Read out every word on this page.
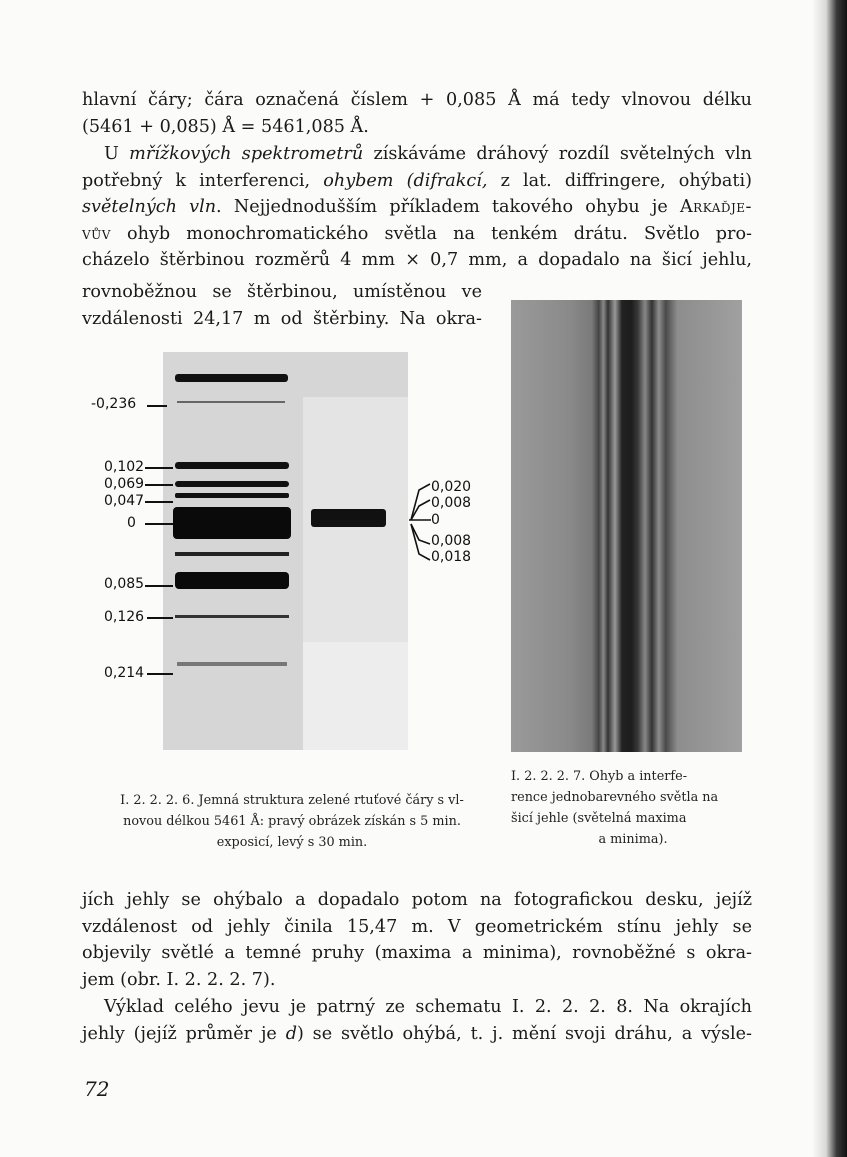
hlavní čáry; čára označená číslem + 0,085 Å má tedy vlnovou délku
(5461 + 0,085) Å = 5461,085 Å.

U mřížkových spektrometrů získáváme dráhový rozdíl světelných vln
potřebný k interferenci, ohybem (difrakcí, z lat. diffringere, ohýbati)
světelných vln. Nejjednodušším příkladem takového ohybu je Arkaďje-
vův ohyb monochromatického světla na tenkém drátu. Světlo pro-
cházelo štěrbinou rozměrů 4 mm × 0,7 mm, a dopadalo na šicí jehlu,

rovnoběžnou se štěrbinou, umístěnou ve
vzdálenosti 24,17 m od štěrbiny. Na okra-

-0,236
0,102
0,069
0,047
0
0,085
0,126
0,214
0,020
0,008
0
0,008
0,018
I. 2. 2. 2. 6. Jemná struktura zelené rtuťové čáry s vl-
novou délkou 5461 Å: pravý obrázek získán s 5 min.
exposicí, levý s 30 min.
I. 2. 2. 2. 7. Ohyb a interfe-
rence jednobarevného světla na
šicí jehle (světelná maxima
a minima).

jích jehly se ohýbalo a dopadalo potom na fotografickou desku, jejíž
vzdálenost od jehly činila 15,47 m. V geometrickém stínu jehly se
objevily světlé a temné pruhy (maxima a minima), rovnoběžné s okra-
jem (obr. I. 2. 2. 2. 7).

Výklad celého jevu je patrný ze schematu I. 2. 2. 2. 8. Na okrajích
jehly (jejíž průměr je d) se světlo ohýbá, t. j. mění svoji dráhu, a výsle-

72
